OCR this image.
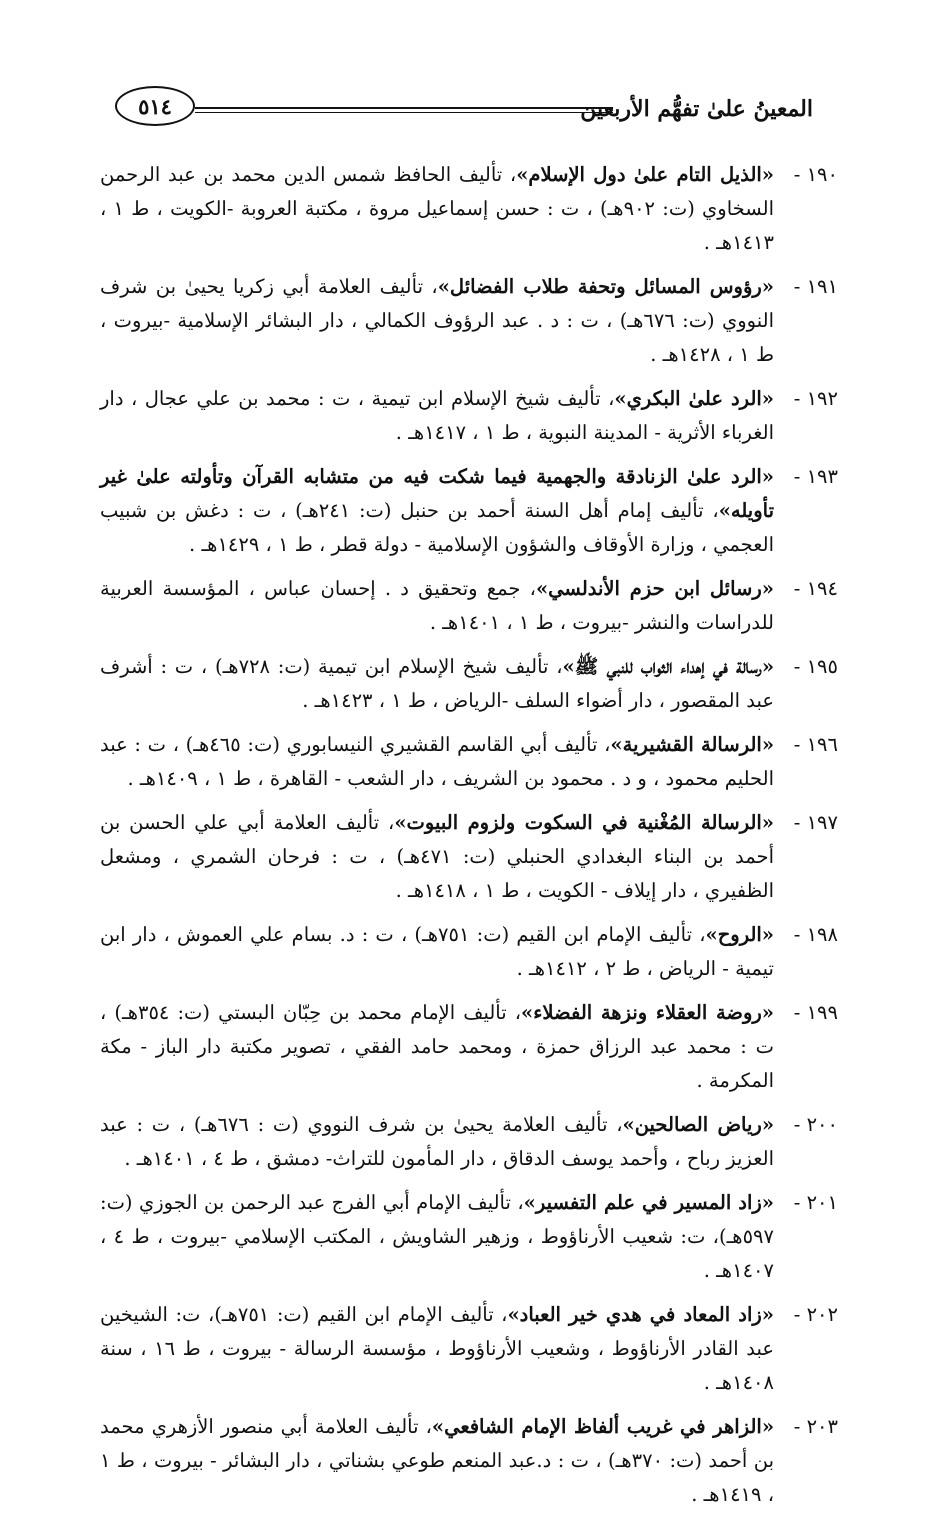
المعينُ علىٰ تفهُّم الأربعين
٥١٤
١٩٠ -
«الذيل التام علىٰ دول الإسلام»، تأليف الحافظ شمس الدين محمد بن عبد الرحمن السخاوي (ت: ٩٠٢هـ) ، ت : حسن إسماعيل مروة ، مكتبة العروبة -الكويت ، ط ١ ، ١٤١٣هـ .
١٩١ -
«رؤوس المسائل وتحفة طلاب الفضائل»، تأليف العلامة أبي زكريا يحيىٰ بن شرف النووي (ت: ٦٧٦هـ) ، ت : د . عبد الرؤوف الكمالي ، دار البشائر الإسلامية -بيروت ، ط ١ ، ١٤٢٨هـ .
١٩٢ -
«الرد علىٰ البكري»، تأليف شيخ الإسلام ابن تيمية ، ت : محمد بن علي عجال ، دار الغرباء الأثرية - المدينة النبوية ، ط ١ ، ١٤١٧هـ .
١٩٣ -
«الرد علىٰ الزنادقة والجهمية فيما شكت فيه من متشابه القرآن وتأولته علىٰ غير تأويله»، تأليف إمام أهل السنة أحمد بن حنبل (ت: ٢٤١هـ) ، ت : دغش بن شبيب العجمي ، وزارة الأوقاف والشؤون الإسلامية - دولة قطر ، ط ١ ، ١٤٢٩هـ .
١٩٤ -
«رسائل ابن حزم الأندلسي»، جمع وتحقيق د . إحسان عباس ، المؤسسة العربية للدراسات والنشر -بيروت ، ط ١ ، ١٤٠١هـ .
١٩٥ -
«رسالة في إهداء الثواب للنبي ﷺ»، تأليف شيخ الإسلام ابن تيمية (ت: ٧٢٨هـ) ، ت : أشرف عبد المقصور ، دار أضواء السلف -الرياض ، ط ١ ، ١٤٢٣هـ .
١٩٦ -
«الرسالة القشيرية»، تأليف أبي القاسم القشيري النيسابوري (ت: ٤٦٥هـ) ، ت : عبد الحليم محمود ، و د . محمود بن الشريف ، دار الشعب - القاهرة ، ط ١ ، ١٤٠٩هـ .
١٩٧ -
«الرسالة المُغْنية في السكوت ولزوم البيوت»، تأليف العلامة أبي علي الحسن بن أحمد بن البناء البغدادي الحنبلي (ت: ٤٧١هـ) ، ت : فرحان الشمري ، ومشعل الظفيري ، دار إيلاف - الكويت ، ط ١ ، ١٤١٨هـ .
١٩٨ -
«الروح»، تأليف الإمام ابن القيم (ت: ٧٥١هـ) ، ت : د. بسام علي العموش ، دار ابن تيمية - الرياض ، ط ٢ ، ١٤١٢هـ .
١٩٩ -
«روضة العقلاء ونزهة الفضلاء»، تأليف الإمام محمد بن حِبّان البستي (ت: ٣٥٤هـ) ، ت : محمد عبد الرزاق حمزة ، ومحمد حامد الفقي ، تصوير مكتبة دار الباز - مكة المكرمة .
٢٠٠ -
«رياض الصالحين»، تأليف العلامة يحيىٰ بن شرف النووي (ت : ٦٧٦هـ) ، ت : عبد العزيز رباح ، وأحمد يوسف الدقاق ، دار المأمون للتراث- دمشق ، ط ٤ ، ١٤٠١هـ .
٢٠١ -
«زاد المسير في علم التفسير»، تأليف الإمام أبي الفرج عبد الرحمن بن الجوزي (ت: ٥٩٧هـ)، ت: شعيب الأرناؤوط ، وزهير الشاويش ، المكتب الإسلامي -بيروت ، ط ٤ ، ١٤٠٧هـ .
٢٠٢ -
«زاد المعاد في هدي خير العباد»، تأليف الإمام ابن القيم (ت: ٧٥١هـ)، ت: الشيخين عبد القادر الأرناؤوط ، وشعيب الأرناؤوط ، مؤسسة الرسالة - بيروت ، ط ١٦ ، سنة ١٤٠٨هـ .
٢٠٣ -
«الزاهر في غريب ألفاظ الإمام الشافعي»، تأليف العلامة أبي منصور الأزهري محمد بن أحمد (ت: ٣٧٠هـ) ، ت : د.عبد المنعم طوعي بشناتي ، دار البشائر - بيروت ، ط ١ ، ١٤١٩هـ .
